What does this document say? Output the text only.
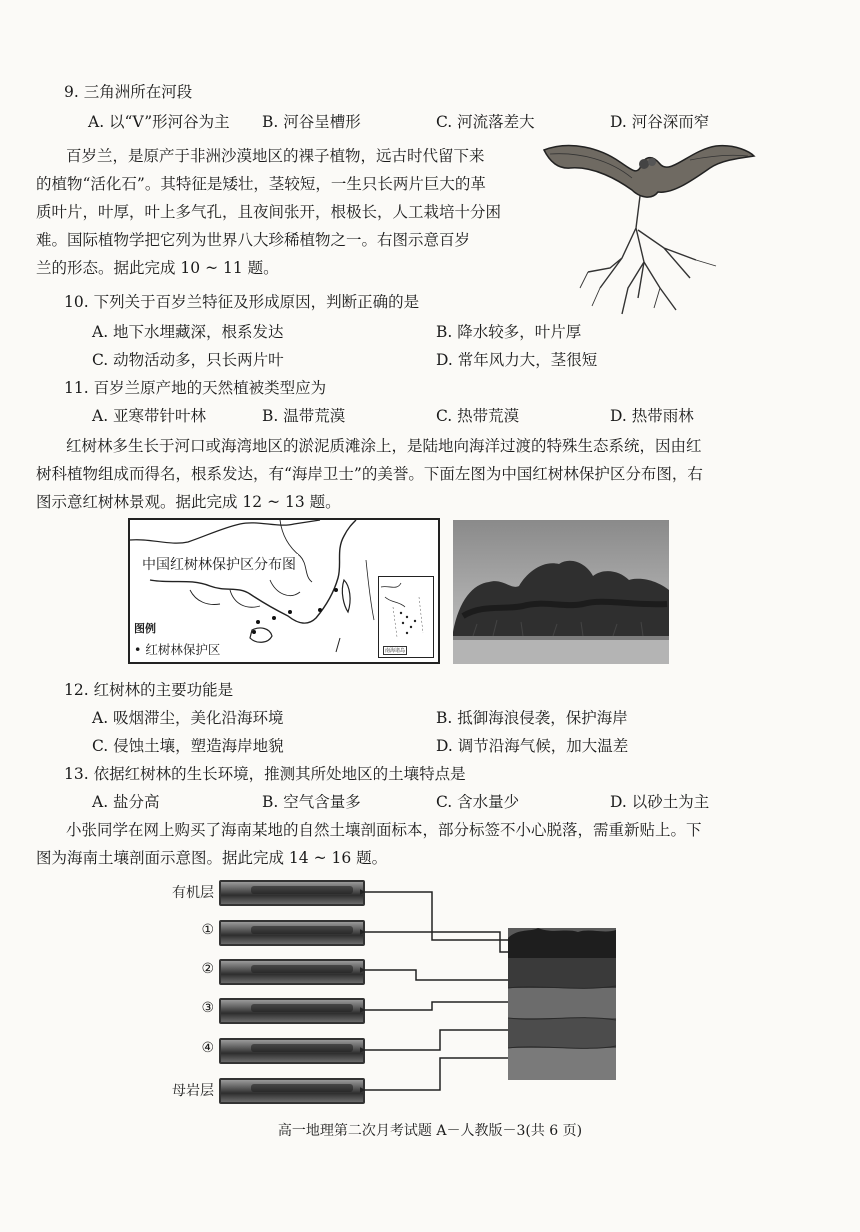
9. 三角洲所在河段
A. 以“V”形河谷为主 B. 河谷呈槽形	C. 河流落差大	D. 河谷深而窄
百岁兰，是原产于非洲沙漠地区的裸子植物，远古时代留下来
的植物“活化石”。其特征是矮壮，茎较短，一生只长两片巨大的革
质叶片，叶厚，叶上多气孔，且夜间张开，根极长，人工栽培十分困
难。国际植物学把它列为世界八大珍稀植物之一。右图示意百岁
兰的形态。据此完成 10 ~ 11 题。
10. 下列关于百岁兰特征及形成原因，判断正确的是
A. 地下水埋藏深，根系发达	B. 降水较多，叶片厚
C. 动物活动多，只长两片叶	D. 常年风力大，茎很短
11. 百岁兰原产地的天然植被类型应为
A. 亚寒带针叶林	B. 温带荒漠	C. 热带荒漠	D. 热带雨林
红树林多生长于河口或海湾地区的淤泥质滩涂上，是陆地向海洋过渡的特殊生态系统，因由红
树科植物组成而得名，根系发达，有“海岸卫士”的美誉。下面左图为中国红树林保护区分布图，右
图示意红树林景观。据此完成 12 ~ 13 题。
中国红树林保护区分布图
图例
• 红树林保护区	南海诸岛
12. 红树林的主要功能是
A. 吸烟滞尘，美化沿海环境	B. 抵御海浪侵袭，保护海岸
C. 侵蚀土壤，塑造海岸地貌	D. 调节沿海气候，加大温差
13. 依据红树林的生长环境，推测其所处地区的土壤特点是
A. 盐分高	B. 空气含量多	C. 含水量少	D. 以砂土为主
小张同学在网上购买了海南某地的自然土壤剖面标本，部分标签不小心脱落，需重新贴上。下
图为海南土壤剖面示意图。据此完成 14 ~ 16 题。
有机层
①
②
③
④
母岩层
高一地理第二次月考试题 A－人教版－3(共 6 页)
